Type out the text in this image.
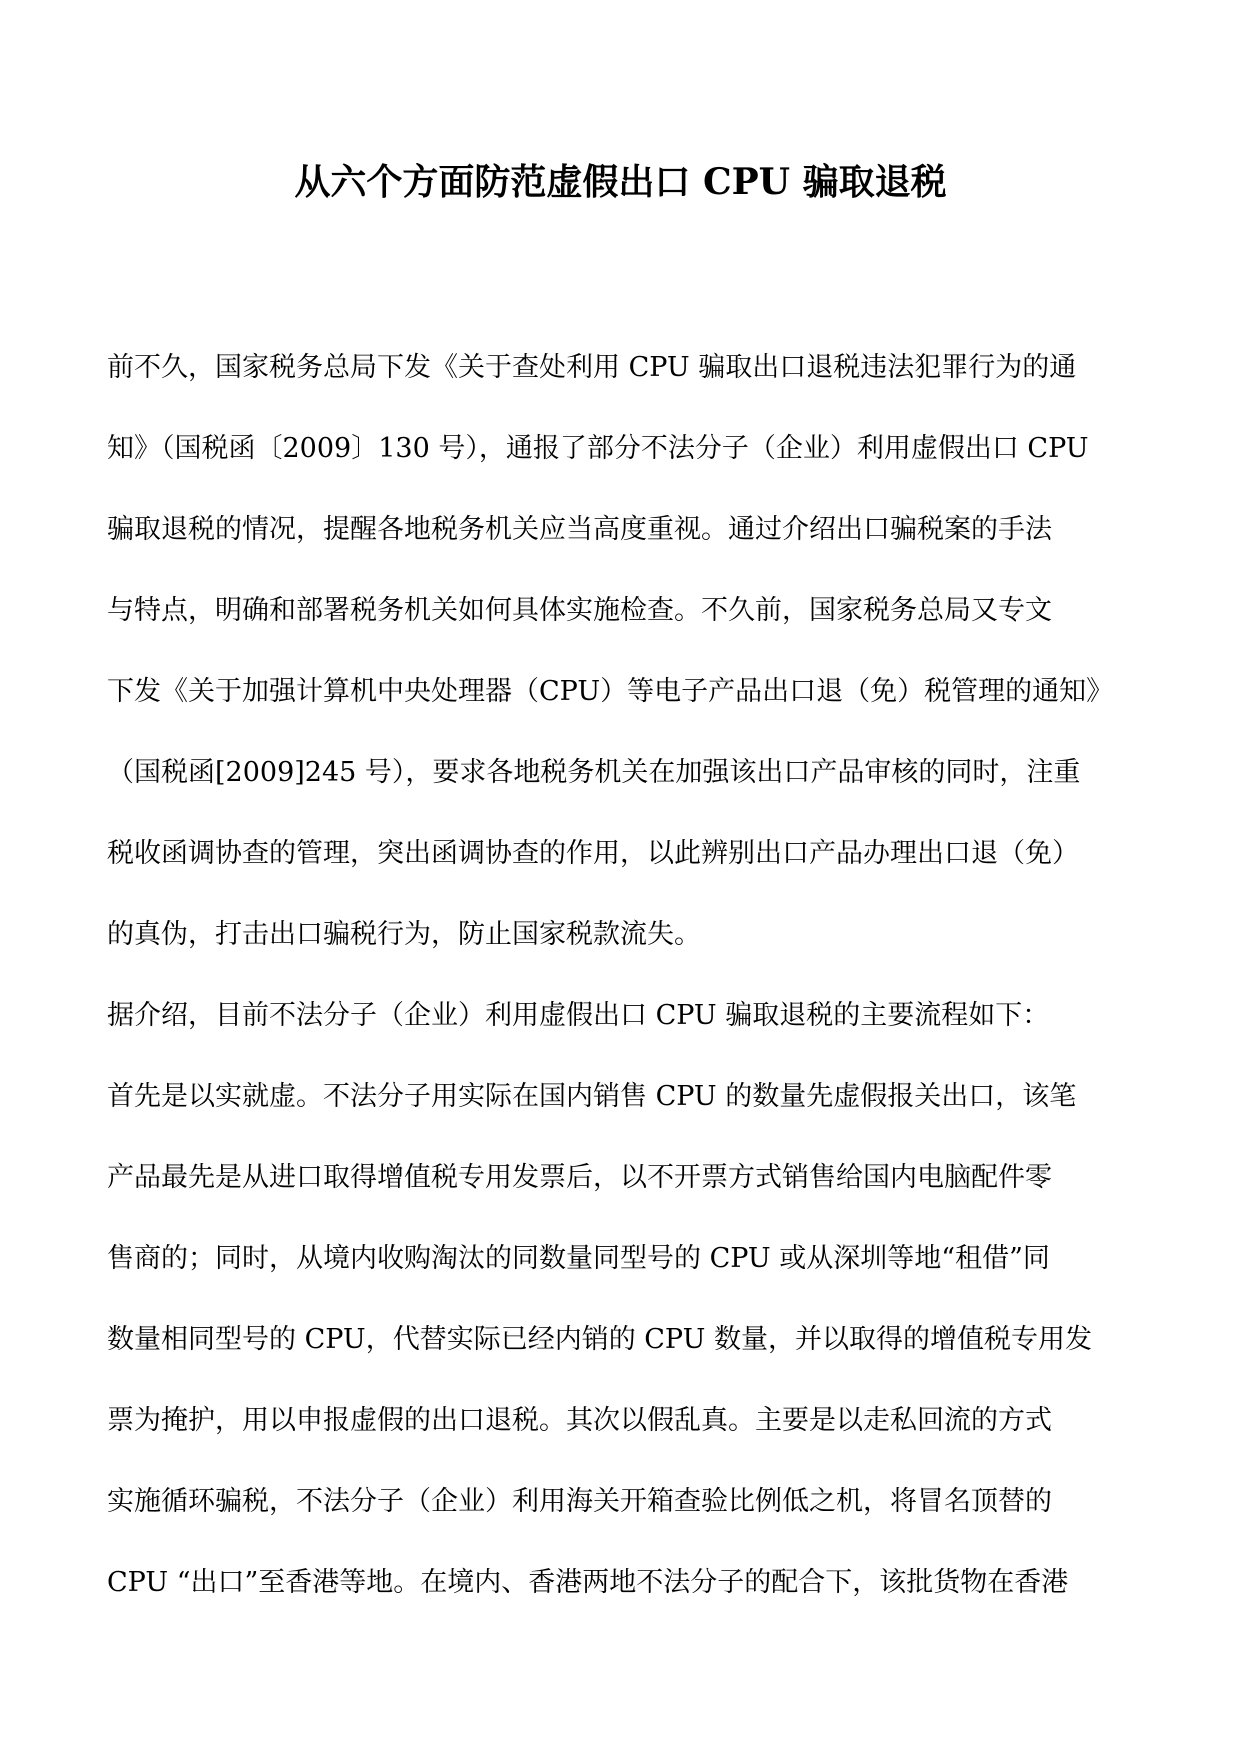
从六个方面防范虚假出口 CPU 骗取退税
前不久，国家税务总局下发《关于查处利用 CPU 骗取出口退税违法犯罪行为的通
知》（国税函〔2009〕130 号），通报了部分不法分子（企业）利用虚假出口 CPU
骗取退税的情况，提醒各地税务机关应当高度重视。通过介绍出口骗税案的手法
与特点，明确和部署税务机关如何具体实施检查。不久前，国家税务总局又专文
下发《关于加强计算机中央处理器（CPU）等电子产品出口退（免）税管理的通知》
（国税函[2009]245 号），要求各地税务机关在加强该出口产品审核的同时，注重
税收函调协查的管理，突出函调协查的作用，以此辨别出口产品办理出口退（免）
的真伪，打击出口骗税行为，防止国家税款流失。
据介绍，目前不法分子（企业）利用虚假出口 CPU 骗取退税的主要流程如下：
首先是以实就虚。不法分子用实际在国内销售 CPU 的数量先虚假报关出口，该笔
产品最先是从进口取得增值税专用发票后，以不开票方式销售给国内电脑配件零
售商的；同时，从境内收购淘汰的同数量同型号的 CPU 或从深圳等地“租借”同
数量相同型号的 CPU，代替实际已经内销的 CPU 数量，并以取得的增值税专用发
票为掩护，用以申报虚假的出口退税。其次以假乱真。主要是以走私回流的方式
实施循环骗税，不法分子（企业）利用海关开箱查验比例低之机，将冒名顶替的
CPU “出口”至香港等地。在境内、香港两地不法分子的配合下，该批货物在香港
